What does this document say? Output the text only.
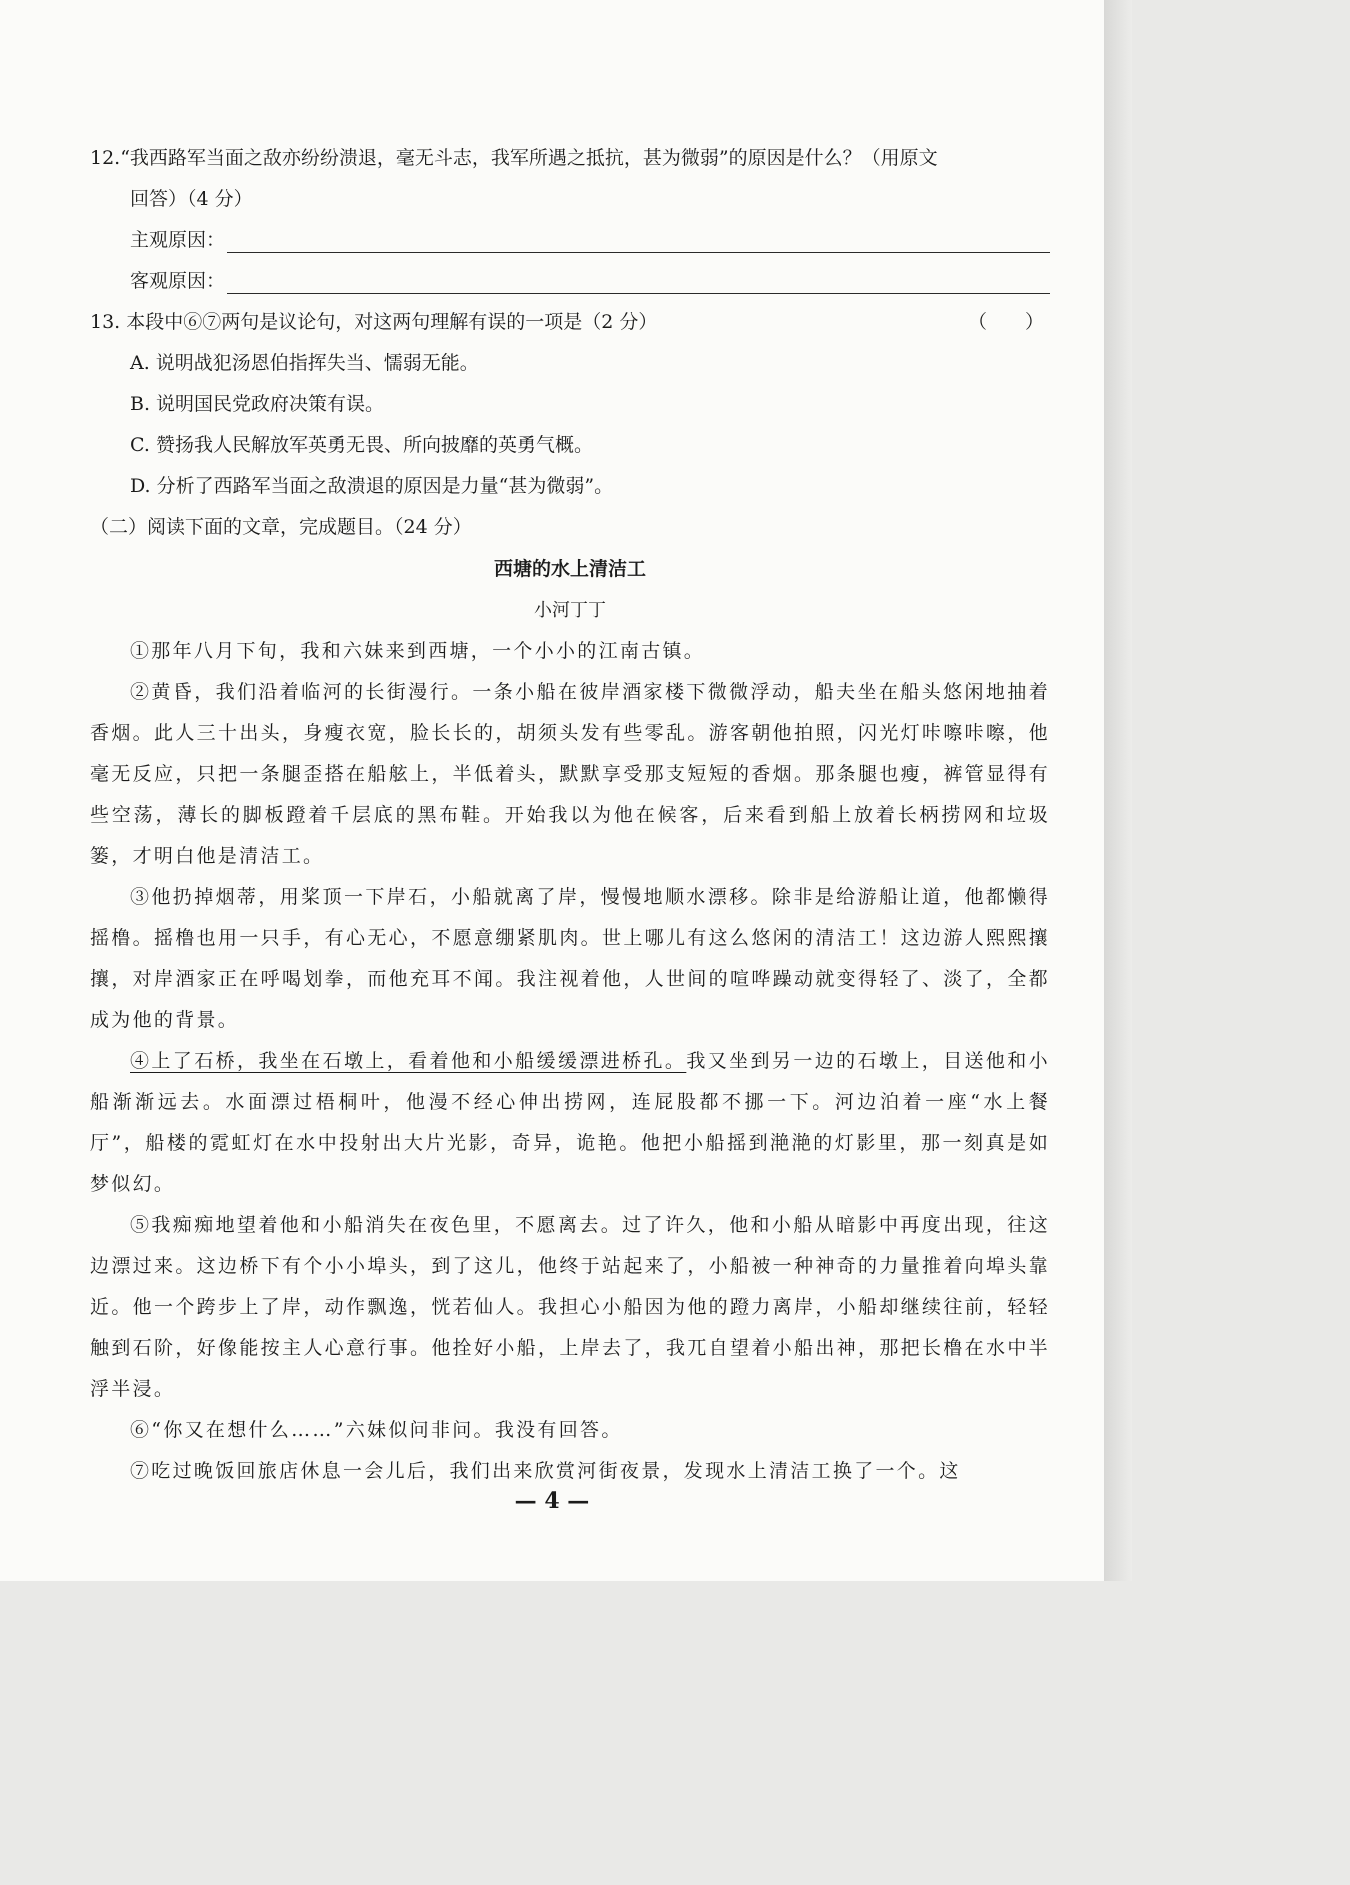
12.“我西路军当面之敌亦纷纷溃退，毫无斗志，我军所遇之抵抗，甚为微弱”的原因是什么？（用原文
回答）（4 分）
主观原因：
客观原因：
13. 本段中⑥⑦两句是议论句，对这两句理解有误的一项是（2 分）	（　　）
A. 说明战犯汤恩伯指挥失当、懦弱无能。
B. 说明国民党政府决策有误。
C. 赞扬我人民解放军英勇无畏、所向披靡的英勇气概。
D. 分析了西路军当面之敌溃退的原因是力量“甚为微弱”。
（二）阅读下面的文章，完成题目。（24 分）
西塘的水上清洁工
小河丁丁
①那年八月下旬，我和六妹来到西塘，一个小小的江南古镇。
②黄昏，我们沿着临河的长街漫行。一条小船在彼岸酒家楼下微微浮动，船夫坐在船头悠闲地抽着香烟。此人三十出头，身瘦衣宽，脸长长的，胡须头发有些零乱。游客朝他拍照，闪光灯咔嚓咔嚓，他毫无反应，只把一条腿歪搭在船舷上，半低着头，默默享受那支短短的香烟。那条腿也瘦，裤管显得有些空荡，薄长的脚板蹬着千层底的黑布鞋。开始我以为他在候客，后来看到船上放着长柄捞网和垃圾篓，才明白他是清洁工。
③他扔掉烟蒂，用桨顶一下岸石，小船就离了岸，慢慢地顺水漂移。除非是给游船让道，他都懒得摇橹。摇橹也用一只手，有心无心，不愿意绷紧肌肉。世上哪儿有这么悠闲的清洁工！这边游人熙熙攘攘，对岸酒家正在呼喝划拳，而他充耳不闻。我注视着他，人世间的喧哗躁动就变得轻了、淡了，全都成为他的背景。
④上了石桥，我坐在石墩上，看着他和小船缓缓漂进桥孔。我又坐到另一边的石墩上，目送他和小船渐渐远去。水面漂过梧桐叶，他漫不经心伸出捞网，连屁股都不挪一下。河边泊着一座“水上餐厅”，船楼的霓虹灯在水中投射出大片光影，奇异，诡艳。他把小船摇到滟滟的灯影里，那一刻真是如梦似幻。
⑤我痴痴地望着他和小船消失在夜色里，不愿离去。过了许久，他和小船从暗影中再度出现，往这边漂过来。这边桥下有个小小埠头，到了这儿，他终于站起来了，小船被一种神奇的力量推着向埠头靠近。他一个跨步上了岸，动作飘逸，恍若仙人。我担心小船因为他的蹬力离岸，小船却继续往前，轻轻触到石阶，好像能按主人心意行事。他拴好小船，上岸去了，我兀自望着小船出神，那把长橹在水中半浮半浸。
⑥“你又在想什么……”六妹似问非问。我没有回答。
⑦吃过晚饭回旅店休息一会儿后，我们出来欣赏河街夜景，发现水上清洁工换了一个。这
— 4 —
